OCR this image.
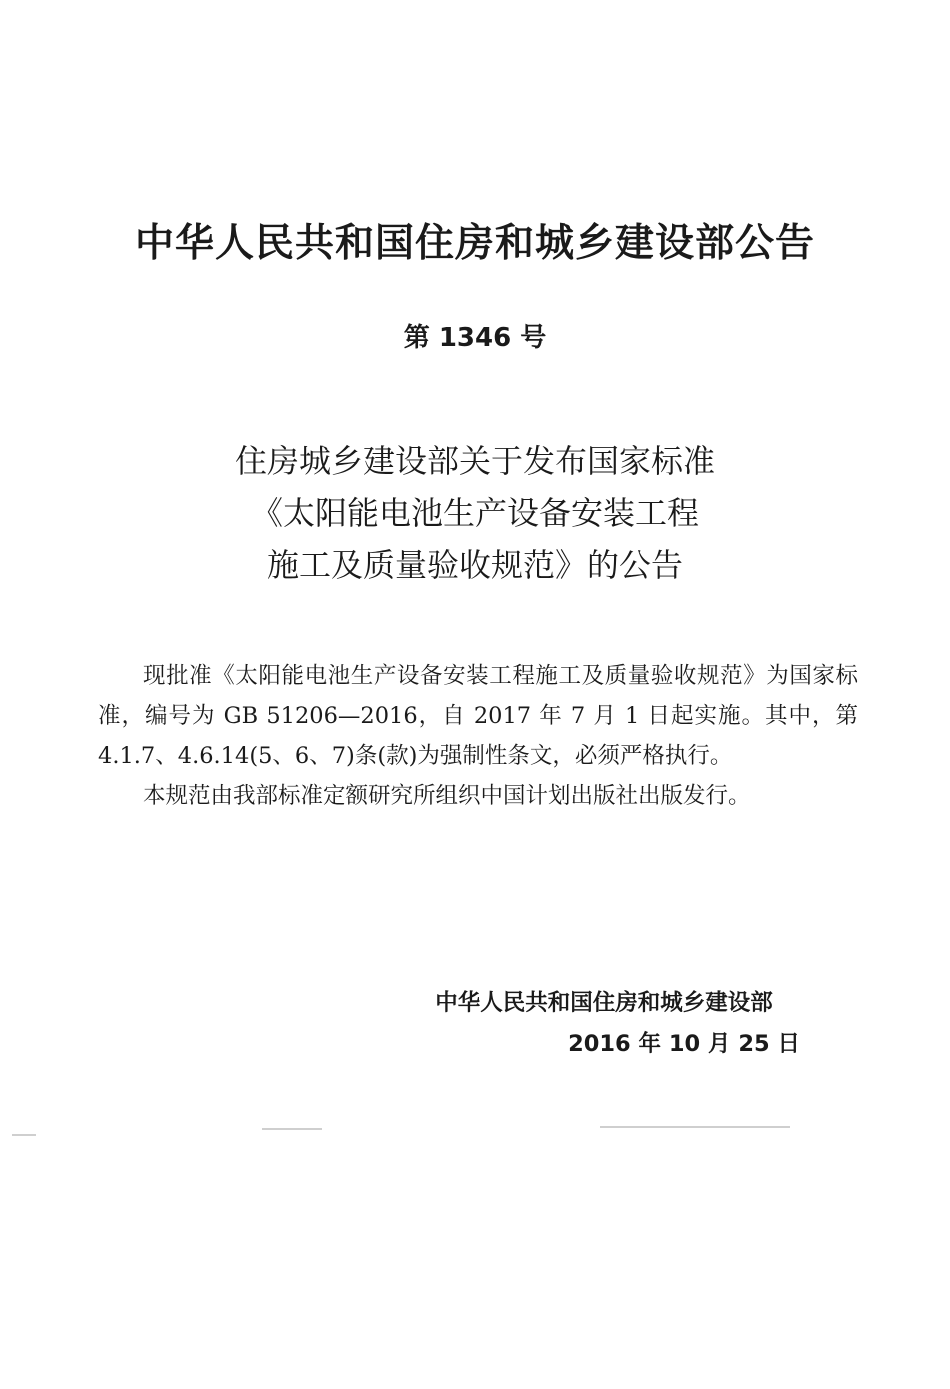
中华人民共和国住房和城乡建设部公告
第 1346 号
住房城乡建设部关于发布国家标准
《太阳能电池生产设备安装工程
施工及质量验收规范》的公告

现批准《太阳能电池生产设备安装工程施工及质量验收规范》为国家标准，编号为 GB 51206—2016，自 2017 年 7 月 1 日起实施。其中，第 4.1.7、4.6.14(5、6、7)条(款)为强制性条文，必须严格执行。

本规范由我部标准定额研究所组织中国计划出版社出版发行。

中华人民共和国住房和城乡建设部
2016 年 10 月 25 日
